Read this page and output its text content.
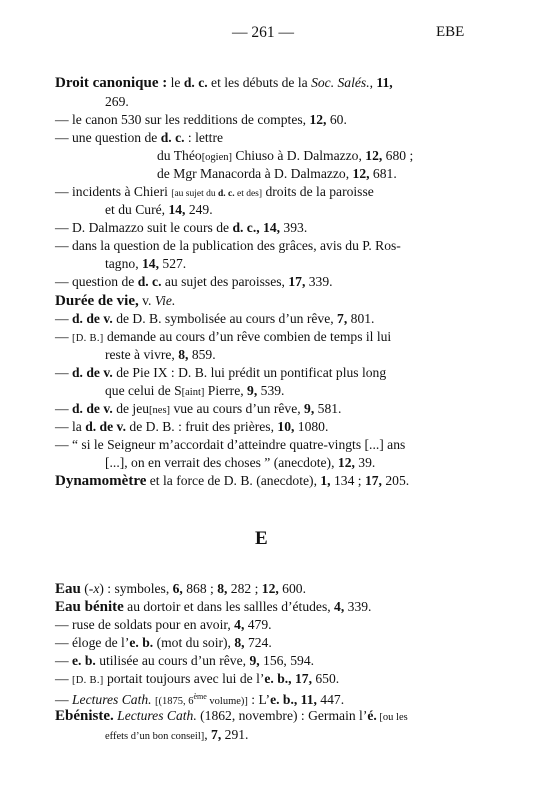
— 261 —	EBE
Droit canonique : le d. c. et les débuts de la Soc. Salés., 11,
269.
— le canon 530 sur les redditions de comptes, 12, 60.
— une question de d. c. : lettre
du Théo[ogien] Chiuso à D. Dalmazzo, 12, 680 ;
de Mgr Manacorda à D. Dalmazzo, 12, 681.
— incidents à Chieri [au sujet du d. c. et des] droits de la paroisse
et du Curé, 14, 249.
— D. Dalmazzo suit le cours de d. c., 14, 393.
— dans la question de la publication des grâces, avis du P. Ros-
tagno, 14, 527.
— question de d. c. au sujet des paroisses, 17, 339.
Durée de vie, v. Vie.
— d. de v. de D. B. symbolisée au cours d’un rêve, 7, 801.
— [D. B.] demande au cours d’un rêve combien de temps il lui
reste à vivre, 8, 859.
— d. de v. de Pie IX : D. B. lui prédit un pontificat plus long
que celui de S[aint] Pierre, 9, 539.
— d. de v. de jeu[nes] vue au cours d’un rêve, 9, 581.
— la d. de v. de D. B. : fruit des prières, 10, 1080.
— “ si le Seigneur m’accordait d’atteindre quatre-vingts [...] ans
[...], on en verrait des choses ” (anecdote), 12, 39.
Dynamomètre et la force de D. B. (anecdote), 1, 134 ; 17, 205.
E
Eau (-x) : symboles, 6, 868 ; 8, 282 ; 12, 600.
Eau bénite au dortoir et dans les sallles d’études, 4, 339.
— ruse de soldats pour en avoir, 4, 479.
— éloge de l’e. b. (mot du soir), 8, 724.
— e. b. utilisée au cours d’un rêve, 9, 156, 594.
— [D. B.] portait toujours avec lui de l’e. b., 17, 650.
— Lectures Cath. [(1875, 6ème volume)] : L’e. b., 11, 447.
Ebéniste. Lectures Cath. (1862, novembre) : Germain l’é. [ou les
effets d’un bon conseil], 7, 291.
